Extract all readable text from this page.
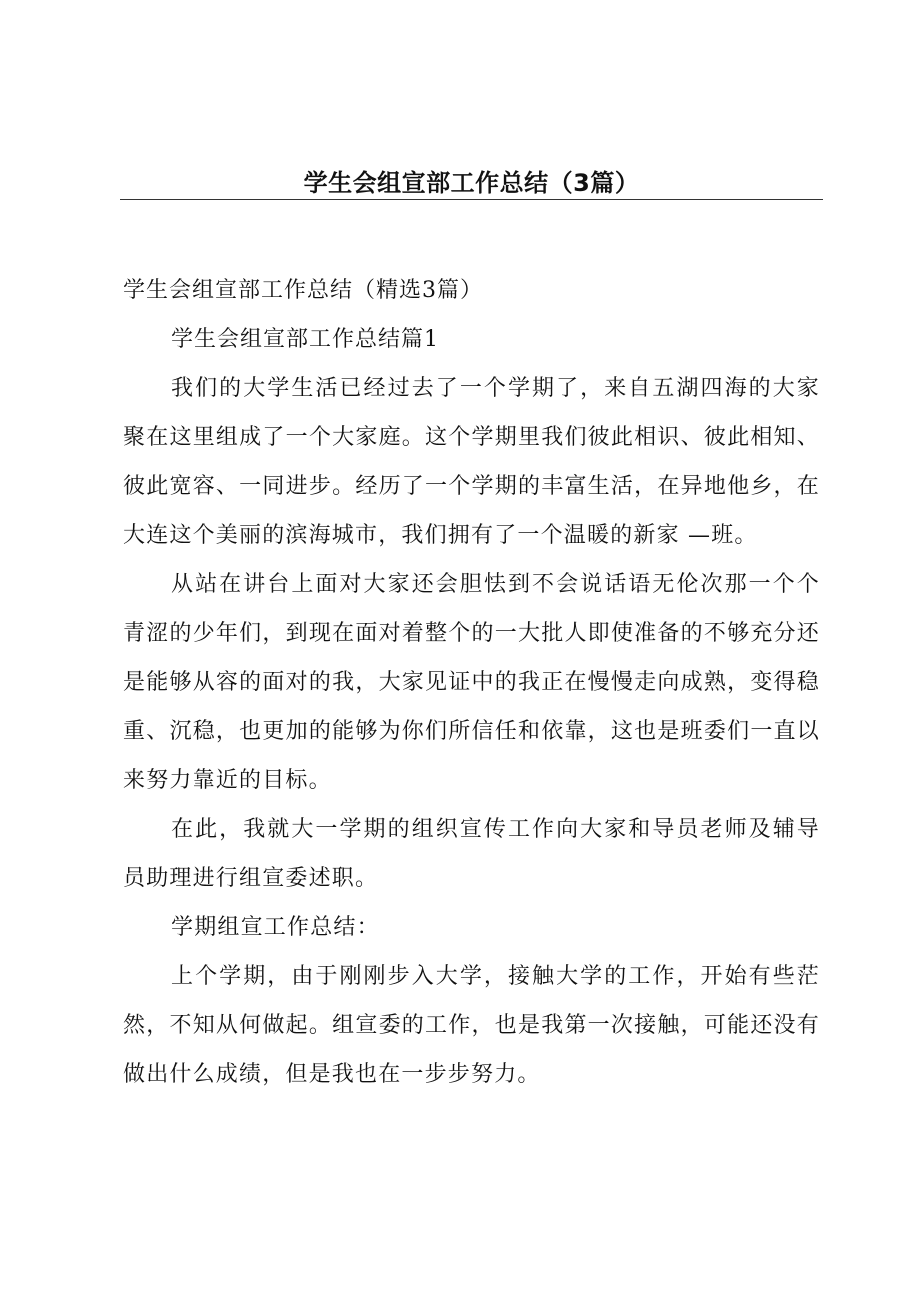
学生会组宣部工作总结（3篇）

学生会组宣部工作总结（精选3篇）

学生会组宣部工作总结篇1

我们的大学生活已经过去了一个学期了，来自五湖四海的大家聚在这里组成了一个大家庭。这个学期里我们彼此相识、彼此相知、彼此宽容、一同进步。经历了一个学期的丰富生活，在异地他乡，在大连这个美丽的滨海城市，我们拥有了一个温暖的新家 —班。

从站在讲台上面对大家还会胆怯到不会说话语无伦次那一个个青涩的少年们，到现在面对着整个的一大批人即使准备的不够充分还是能够从容的面对的我，大家见证中的我正在慢慢走向成熟，变得稳重、沉稳，也更加的能够为你们所信任和依靠，这也是班委们一直以来努力靠近的目标。

在此，我就大一学期的组织宣传工作向大家和导员老师及辅导员助理进行组宣委述职。

学期组宣工作总结：

上个学期，由于刚刚步入大学，接触大学的工作，开始有些茫然，不知从何做起。组宣委的工作，也是我第一次接触，可能还没有做出什么成绩，但是我也在一步步努力。
